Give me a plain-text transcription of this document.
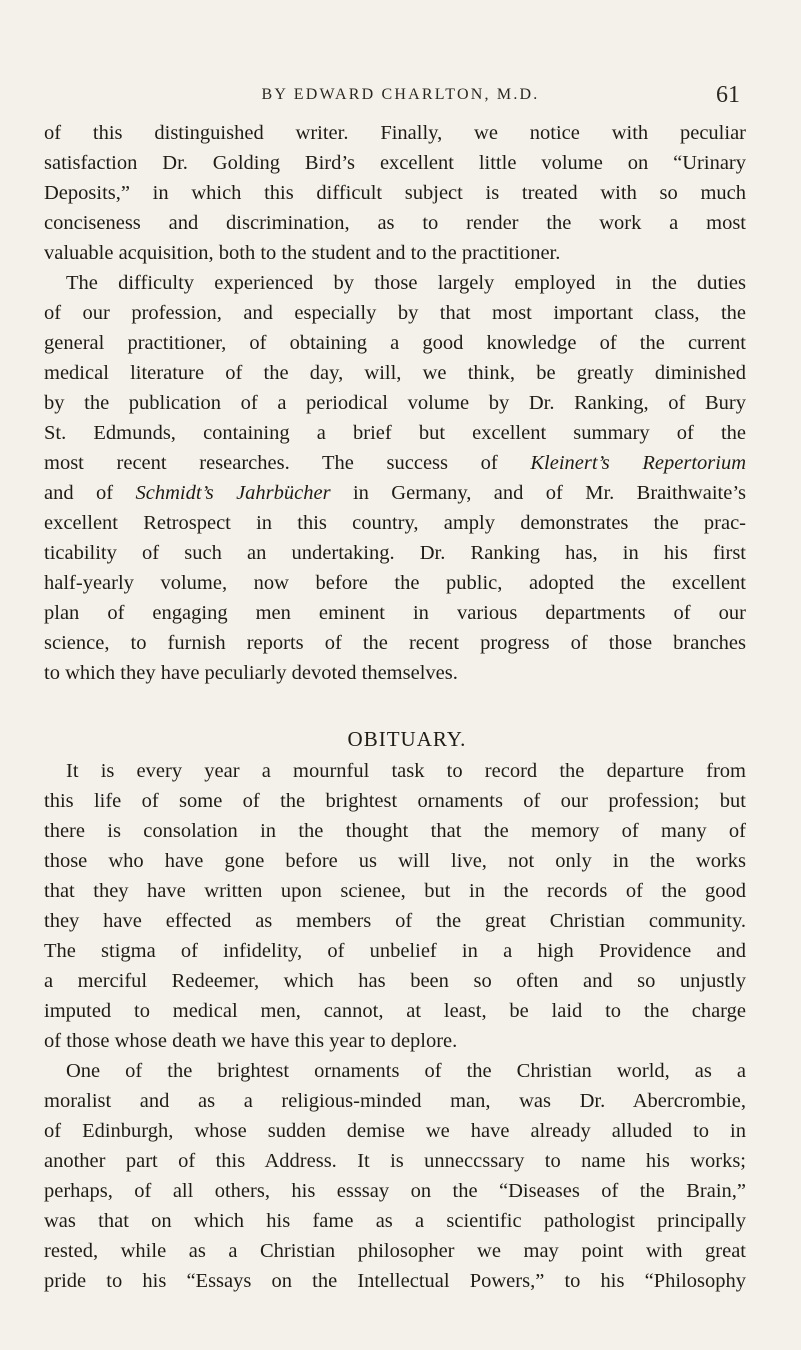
BY EDWARD CHARLTON, M.D.	61
of this distinguished writer. Finally, we notice with peculiar
satisfaction Dr. Golding Bird’s excellent little volume on “Urinary
Deposits,” in which this difficult subject is treated with so much
conciseness and discrimination, as to render the work a most
valuable acquisition, both to the student and to the practitioner.
The difficulty experienced by those largely employed in the duties
of our profession, and especially by that most important class, the
general practitioner, of obtaining a good knowledge of the current
medical literature of the day, will, we think, be greatly diminished
by the publication of a periodical volume by Dr. Ranking, of Bury
St. Edmunds, containing a brief but excellent summary of the
most recent researches. The success of Kleinert’s Repertorium
and of Schmidt’s Jahrbücher in Germany, and of Mr. Braithwaite’s
excellent Retrospect in this country, amply demonstrates the prac-
ticability of such an undertaking. Dr. Ranking has, in his first
half-yearly volume, now before the public, adopted the excellent
plan of engaging men eminent in various departments of our
science, to furnish reports of the recent progress of those branches
to which they have peculiarly devoted themselves.
OBITUARY.
It is every year a mournful task to record the departure from
this life of some of the brightest ornaments of our profession; but
there is consolation in the thought that the memory of many of
those who have gone before us will live, not only in the works
that they have written upon scienee, but in the records of the good
they have effected as members of the great Christian community.
The stigma of infidelity, of unbelief in a high Providence and
a merciful Redeemer, which has been so often and so unjustly
imputed to medical men, cannot, at least, be laid to the charge
of those whose death we have this year to deplore.
One of the brightest ornaments of the Christian world, as a
moralist and as a religious-minded man, was Dr. Abercrombie,
of Edinburgh, whose sudden demise we have already alluded to in
another part of this Address. It is unneccssary to name his works;
perhaps, of all others, his esssay on the “Diseases of the Brain,”
was that on which his fame as a scientific pathologist principally
rested, while as a Christian philosopher we may point with great
pride to his “Essays on the Intellectual Powers,” to his “Philosophy
